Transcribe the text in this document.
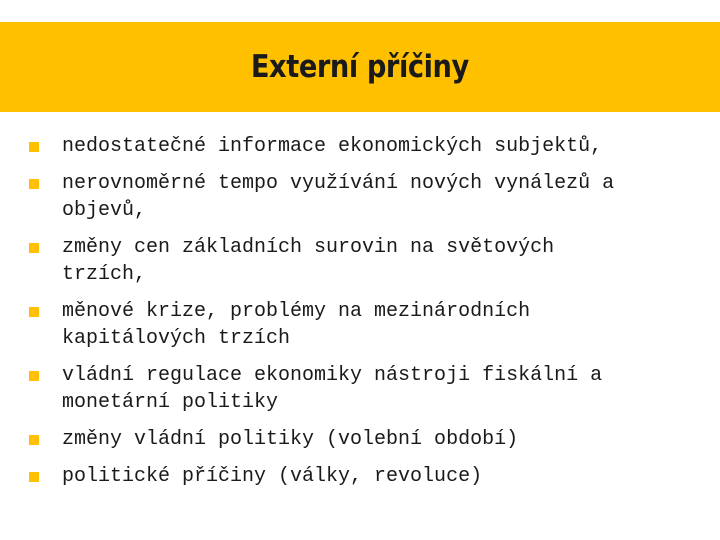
Externí příčiny
nedostatečné informace ekonomických subjektů,
nerovnoměrné tempo využívání nových vynálezů a
objevů,
změny cen základních surovin na světových
trzích,
měnové krize, problémy na mezinárodních
kapitálových trzích
vládní regulace ekonomiky nástroji fiskální a
monetární politiky
změny vládní politiky (volební období)
politické příčiny (války, revoluce)
